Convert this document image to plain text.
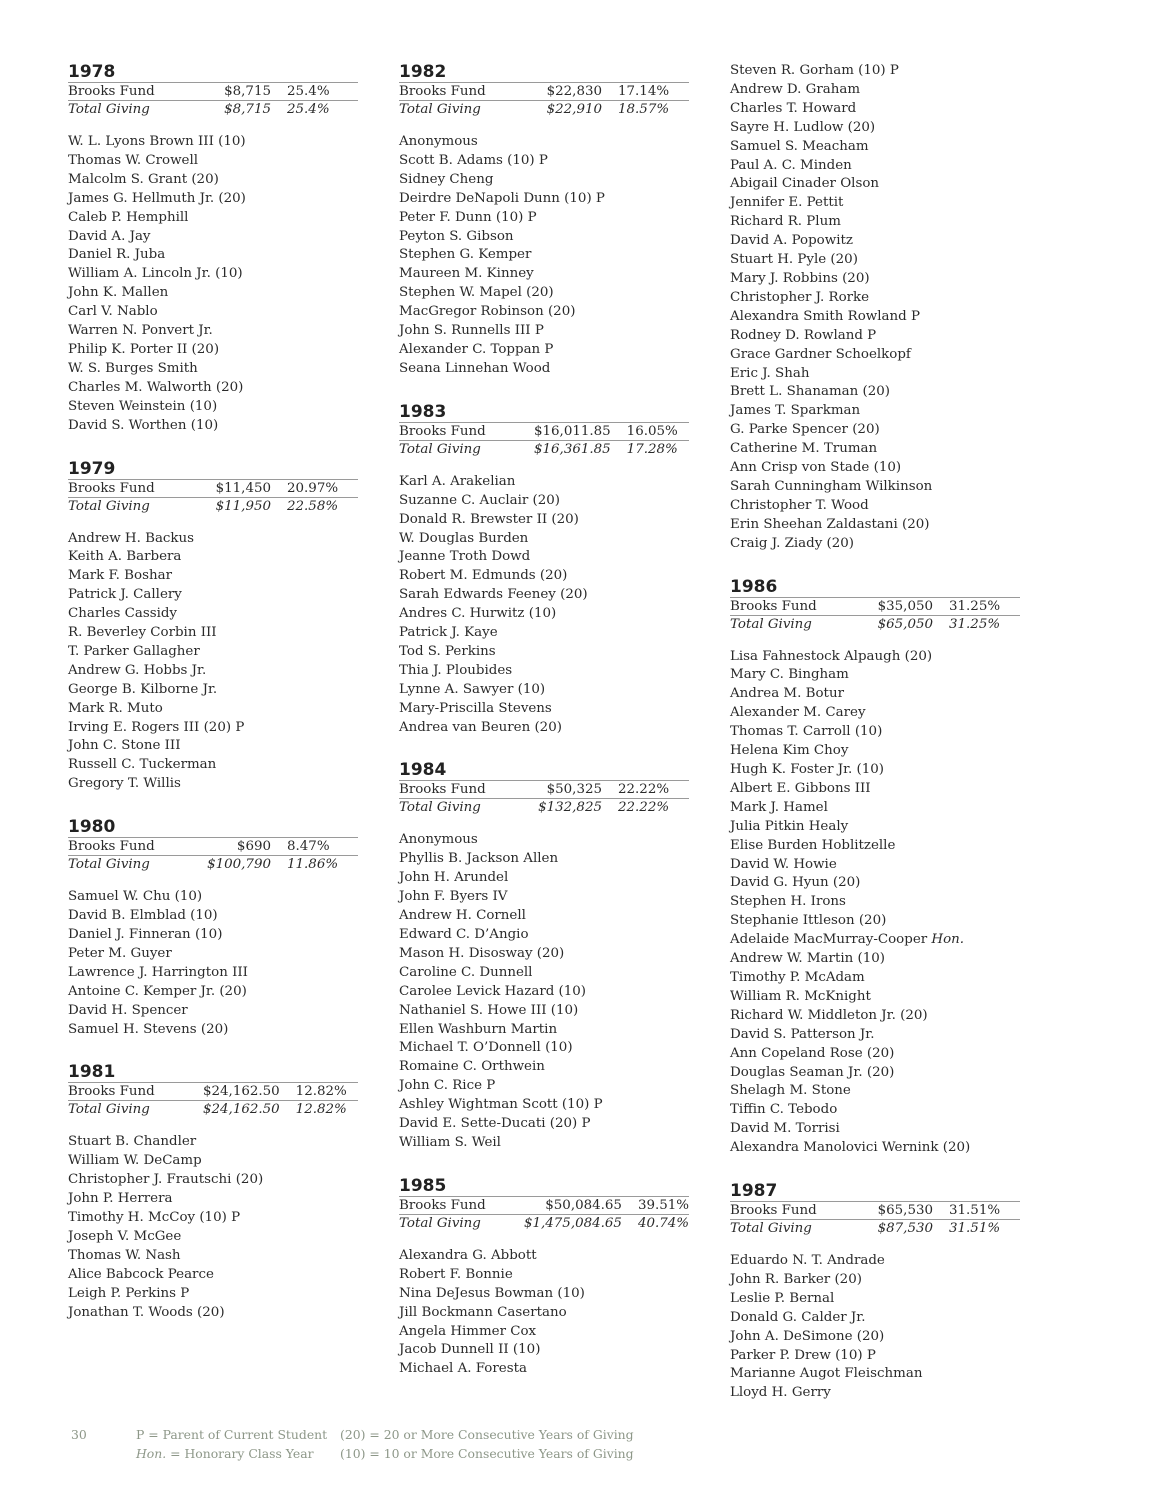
1978
Brooks Fund	$8,715	25.4%
Total Giving	$8,715	25.4%
W. L. Lyons Brown III (10)
Thomas W. Crowell
Malcolm S. Grant (20)
James G. Hellmuth Jr. (20)
Caleb P. Hemphill
David A. Jay
Daniel R. Juba
William A. Lincoln Jr. (10)
John K. Mallen
Carl V. Nablo
Warren N. Ponvert Jr.
Philip K. Porter II (20)
W. S. Burges Smith
Charles M. Walworth (20)
Steven Weinstein (10)
David S. Worthen (10)
1979
Brooks Fund	$11,450	20.97%
Total Giving	$11,950	22.58%
Andrew H. Backus
Keith A. Barbera
Mark F. Boshar
Patrick J. Callery
Charles Cassidy
R. Beverley Corbin III
T. Parker Gallagher
Andrew G. Hobbs Jr.
George B. Kilborne Jr.
Mark R. Muto
Irving E. Rogers III (20) P
John C. Stone III
Russell C. Tuckerman
Gregory T. Willis
1980
Brooks Fund	$690	8.47%
Total Giving	$100,790	11.86%
Samuel W. Chu (10)
David B. Elmblad (10)
Daniel J. Finneran (10)
Peter M. Guyer
Lawrence J. Harrington III
Antoine C. Kemper Jr. (20)
David H. Spencer
Samuel H. Stevens (20)
1981
Brooks Fund	$24,162.50	12.82%
Total Giving	$24,162.50	12.82%
Stuart B. Chandler
William W. DeCamp
Christopher J. Frautschi (20)
John P. Herrera
Timothy H. McCoy (10) P
Joseph V. McGee
Thomas W. Nash
Alice Babcock Pearce
Leigh P. Perkins P
Jonathan T. Woods (20)
1982
Brooks Fund	$22,830	17.14%
Total Giving	$22,910	18.57%
Anonymous
Scott B. Adams (10) P
Sidney Cheng
Deirdre DeNapoli Dunn (10) P
Peter F. Dunn (10) P
Peyton S. Gibson
Stephen G. Kemper
Maureen M. Kinney
Stephen W. Mapel (20)
MacGregor Robinson (20)
John S. Runnells III P
Alexander C. Toppan P
Seana Linnehan Wood
1983
Brooks Fund	$16,011.85	16.05%
Total Giving	$16,361.85	17.28%
Karl A. Arakelian
Suzanne C. Auclair (20)
Donald R. Brewster II (20)
W. Douglas Burden
Jeanne Troth Dowd
Robert M. Edmunds (20)
Sarah Edwards Feeney (20)
Andres C. Hurwitz (10)
Patrick J. Kaye
Tod S. Perkins
Thia J. Ploubides
Lynne A. Sawyer (10)
Mary-Priscilla Stevens
Andrea van Beuren (20)
1984
Brooks Fund	$50,325	22.22%
Total Giving	$132,825	22.22%
Anonymous
Phyllis B. Jackson Allen
John H. Arundel
John F. Byers IV
Andrew H. Cornell
Edward C. D’Angio
Mason H. Disosway (20)
Caroline C. Dunnell
Carolee Levick Hazard (10)
Nathaniel S. Howe III (10)
Ellen Washburn Martin
Michael T. O’Donnell (10)
Romaine C. Orthwein
John C. Rice P
Ashley Wightman Scott (10) P
David E. Sette-Ducati (20) P
William S. Weil
1985
Brooks Fund	$50,084.65	39.51%
Total Giving	$1,475,084.65	40.74%
Alexandra G. Abbott
Robert F. Bonnie
Nina DeJesus Bowman (10)
Jill Bockmann Casertano
Angela Himmer Cox
Jacob Dunnell II (10)
Michael A. Foresta
Steven R. Gorham (10) P
Andrew D. Graham
Charles T. Howard
Sayre H. Ludlow (20)
Samuel S. Meacham
Paul A. C. Minden
Abigail Cinader Olson
Jennifer E. Pettit
Richard R. Plum
David A. Popowitz
Stuart H. Pyle (20)
Mary J. Robbins (20)
Christopher J. Rorke
Alexandra Smith Rowland P
Rodney D. Rowland P
Grace Gardner Schoelkopf
Eric J. Shah
Brett L. Shanaman (20)
James T. Sparkman
G. Parke Spencer (20)
Catherine M. Truman
Ann Crisp von Stade (10)
Sarah Cunningham Wilkinson
Christopher T. Wood
Erin Sheehan Zaldastani (20)
Craig J. Ziady (20)
1986
Brooks Fund	$35,050	31.25%
Total Giving	$65,050	31.25%
Lisa Fahnestock Alpaugh (20)
Mary C. Bingham
Andrea M. Botur
Alexander M. Carey
Thomas T. Carroll (10)
Helena Kim Choy
Hugh K. Foster Jr. (10)
Albert E. Gibbons III
Mark J. Hamel
Julia Pitkin Healy
Elise Burden Hoblitzelle
David W. Howie
David G. Hyun (20)
Stephen H. Irons
Stephanie Ittleson (20)
Adelaide MacMurray-Cooper Hon.
Andrew W. Martin (10)
Timothy P. McAdam
William R. McKnight
Richard W. Middleton Jr. (20)
David S. Patterson Jr.
Ann Copeland Rose (20)
Douglas Seaman Jr. (20)
Shelagh M. Stone
Tiffin C. Tebodo
David M. Torrisi
Alexandra Manolovici Wernink (20)
1987
Brooks Fund	$65,530	31.51%
Total Giving	$87,530	31.51%
Eduardo N. T. Andrade
John R. Barker (20)
Leslie P. Bernal
Donald G. Calder Jr.
John A. DeSimone (20)
Parker P. Drew (10) P
Marianne Augot Fleischman
Lloyd H. Gerry
30	P = Parent of Current Student
Hon. = Honorary Class Year
(20) = 20 or More Consecutive Years of Giving
(10) = 10 or More Consecutive Years of Giving
